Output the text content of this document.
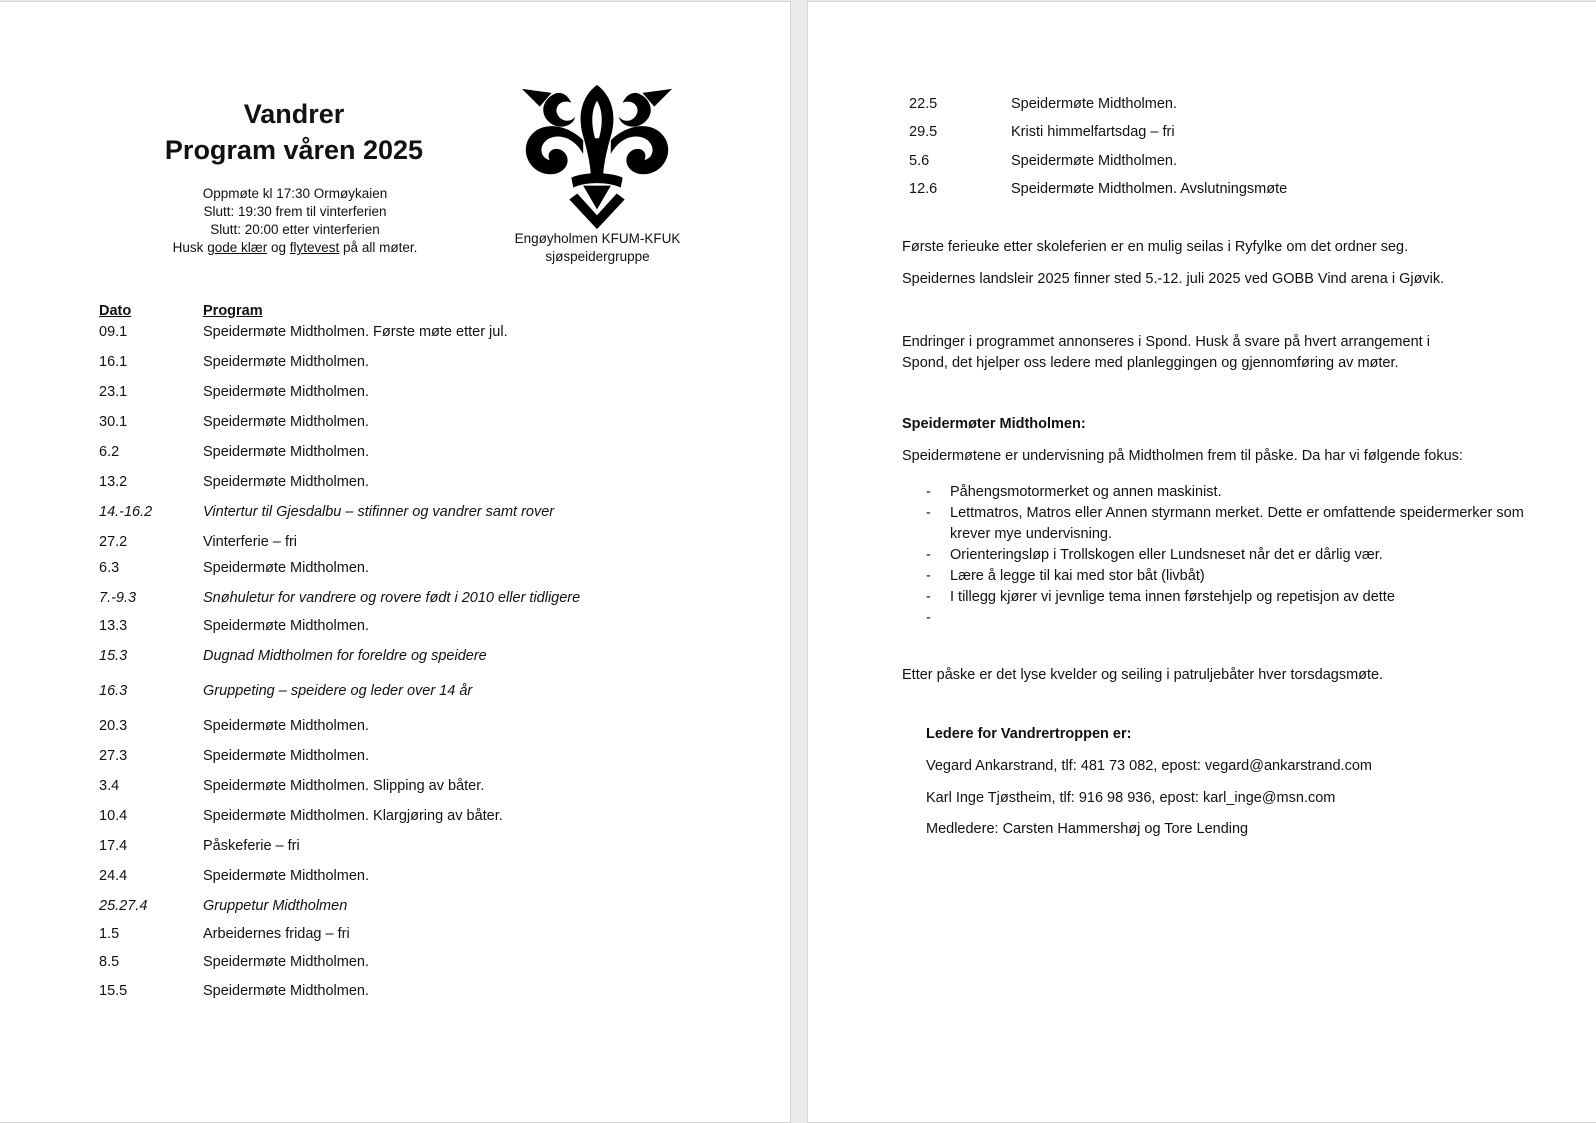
Vandrer
Program våren 2025
Oppmøte kl 17:30 Ormøykaien
Slutt: 19:30 frem til vinterferien
Slutt: 20:00 etter vinterferien
Husk gode klær og flytevest på all møter.
Engøyholmen KFUM-KFUK
sjøspeidergruppe
Dato	Program
09.1	Speidermøte Midtholmen. Første møte etter jul.
16.1	Speidermøte Midtholmen.
23.1	Speidermøte Midtholmen.
30.1	Speidermøte Midtholmen.
6.2	Speidermøte Midtholmen.
13.2	Speidermøte Midtholmen.
14.-16.2	Vintertur til Gjesdalbu – stifinner og vandrer samt rover
27.2	Vinterferie – fri
6.3	Speidermøte Midtholmen.
7.-9.3	Snøhuletur for vandrere og rovere født i 2010 eller tidligere
13.3	Speidermøte Midtholmen.
15.3	Dugnad Midtholmen for foreldre og speidere
16.3	Gruppeting – speidere og leder over 14 år
20.3	Speidermøte Midtholmen.
27.3	Speidermøte Midtholmen.
3.4	Speidermøte Midtholmen. Slipping av båter.
10.4	Speidermøte Midtholmen. Klargjøring av båter.
17.4	Påskeferie – fri
24.4	Speidermøte Midtholmen.
25.27.4	Gruppetur Midtholmen
1.5	Arbeidernes fridag – fri
8.5	Speidermøte Midtholmen.
15.5	Speidermøte Midtholmen.
22.5	Speidermøte Midtholmen.
29.5	Kristi himmelfartsdag – fri
5.6	Speidermøte Midtholmen.
12.6	Speidermøte Midtholmen. Avslutningsmøte
Første ferieuke etter skoleferien er en mulig seilas i Ryfylke om det ordner seg.
Speidernes landsleir 2025 finner sted 5.-12. juli 2025 ved GOBB Vind arena i Gjøvik.
Endringer i programmet annonseres i Spond. Husk å svare på hvert arrangement i Spond, det hjelper oss ledere med planleggingen og gjennomføring av møter.
Speidermøter Midtholmen:
Speidermøtene er undervisning på Midtholmen frem til påske. Da har vi følgende fokus:
- Påhengsmotormerket og annen maskinist.
- Lettmatros, Matros eller Annen styrmann merket. Dette er omfattende speidermerker som krever mye undervisning.
- Orienteringsløp i Trollskogen eller Lundsneset når det er dårlig vær.
- Lære å legge til kai med stor båt (livbåt)
- I tillegg kjører vi jevnlige tema innen førstehjelp og repetisjon av dette
-
Etter påske er det lyse kvelder og seiling i patruljebåter hver torsdagsmøte.
Ledere for Vandrertroppen er:
Vegard Ankarstrand, tlf: 481 73 082, epost: vegard@ankarstrand.com
Karl Inge Tjøstheim, tlf: 916 98 936, epost: karl_inge@msn.com
Medledere: Carsten Hammershøj og Tore Lending
